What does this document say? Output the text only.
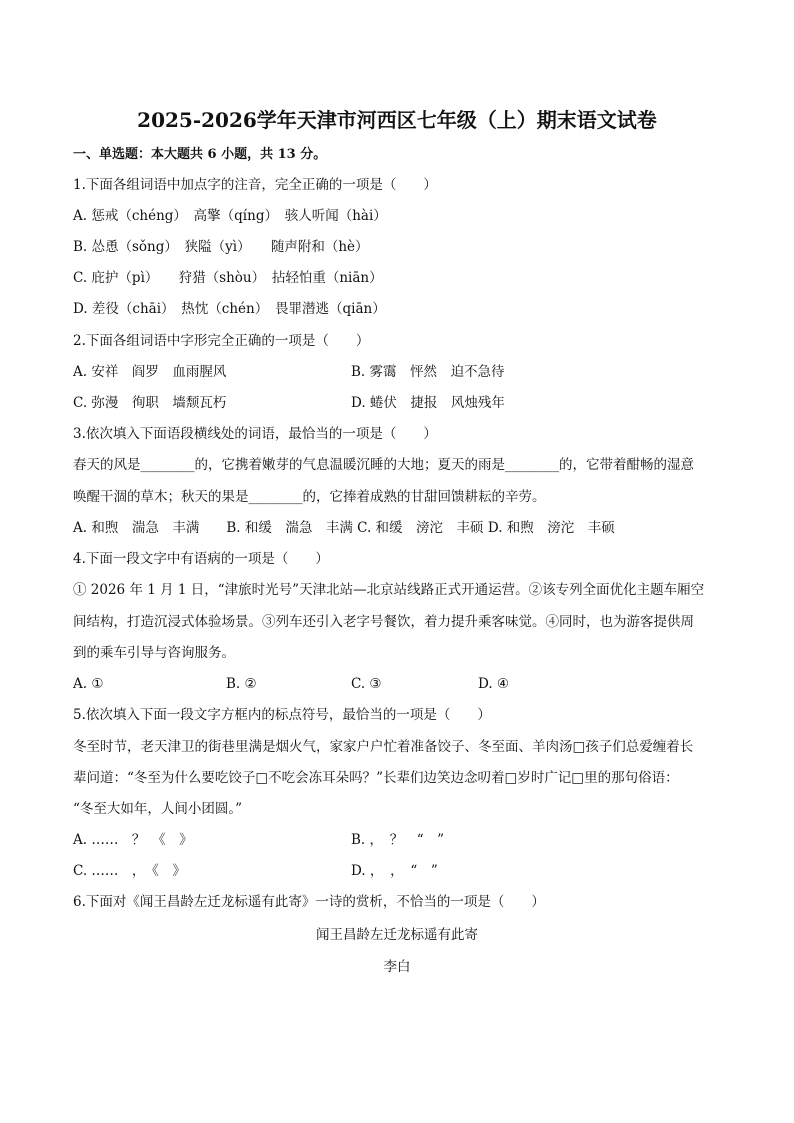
2025-2026学年天津市河西区七年级（上）期末语文试卷
一、单选题：本大题共 6 小题，共 13 分。
1.下面各组词语中加点字的注音，完全正确的一项是（　　）
A. 惩戒（chéng）　高擎（qíng）　骇人听闻（hài）
B. 怂恿（sǒng）　狭隘（yì）　　随声附和（hè）
C. 庇护（pì）　　狩猎（shòu）　拈轻怕重（niān）
D. 差役（chāi）　热忱（chén）　畏罪潜逃（qiān）
2.下面各组词语中字形完全正确的一项是（　　）
A. 安祥　阎罗　血雨腥风	B. 雾霭　怦然　迫不急待
C. 弥漫　徇职　墙颓瓦朽	D. 蜷伏　捷报　风烛残年
3.依次填入下面语段横线处的词语，最恰当的一项是（　　）
春天的风是________的，它携着嫩芽的气息温暖沉睡的大地；夏天的雨是________的，它带着酣畅的湿意
唤醒干涸的草木；秋天的果是________的，它捧着成熟的甘甜回馈耕耘的辛劳。
A. 和煦　湍急　丰满　　B. 和缓　湍急　丰满 C. 和缓　滂沱　丰硕 D. 和煦　滂沱　丰硕
4.下面一段文字中有语病的一项是（　　）
① 2026 年 1 月 1 日，“津旅时光号”天津北站—北京站线路正式开通运营。②该专列全面优化主题车厢空
间结构，打造沉浸式体验场景。③列车还引入老字号餐饮，着力提升乘客味觉。④同时，也为游客提供周
到的乘车引导与咨询服务。
A. ①	B. ②	C. ③	D. ④
5.依次填入下面一段文字方框内的标点符号，最恰当的一项是（　　）
冬至时节，老天津卫的街巷里满是烟火气，家家户户忙着准备饺子、冬至面、羊肉汤□孩子们总爱缠着长
辈问道：“冬至为什么要吃饺子□不吃会冻耳朵吗？”长辈们边笑边念叨着□岁时广记□里的那句俗语：
“冬至大如年，人间小团圆。”
A. ……　？　《　》	B. ，　？　“　”
C. ……　，　《　》	D. ，　，　“　”
6.下面对《闻王昌龄左迁龙标遥有此寄》一诗的赏析，不恰当的一项是（　　）
闻王昌龄左迁龙标遥有此寄
李白
